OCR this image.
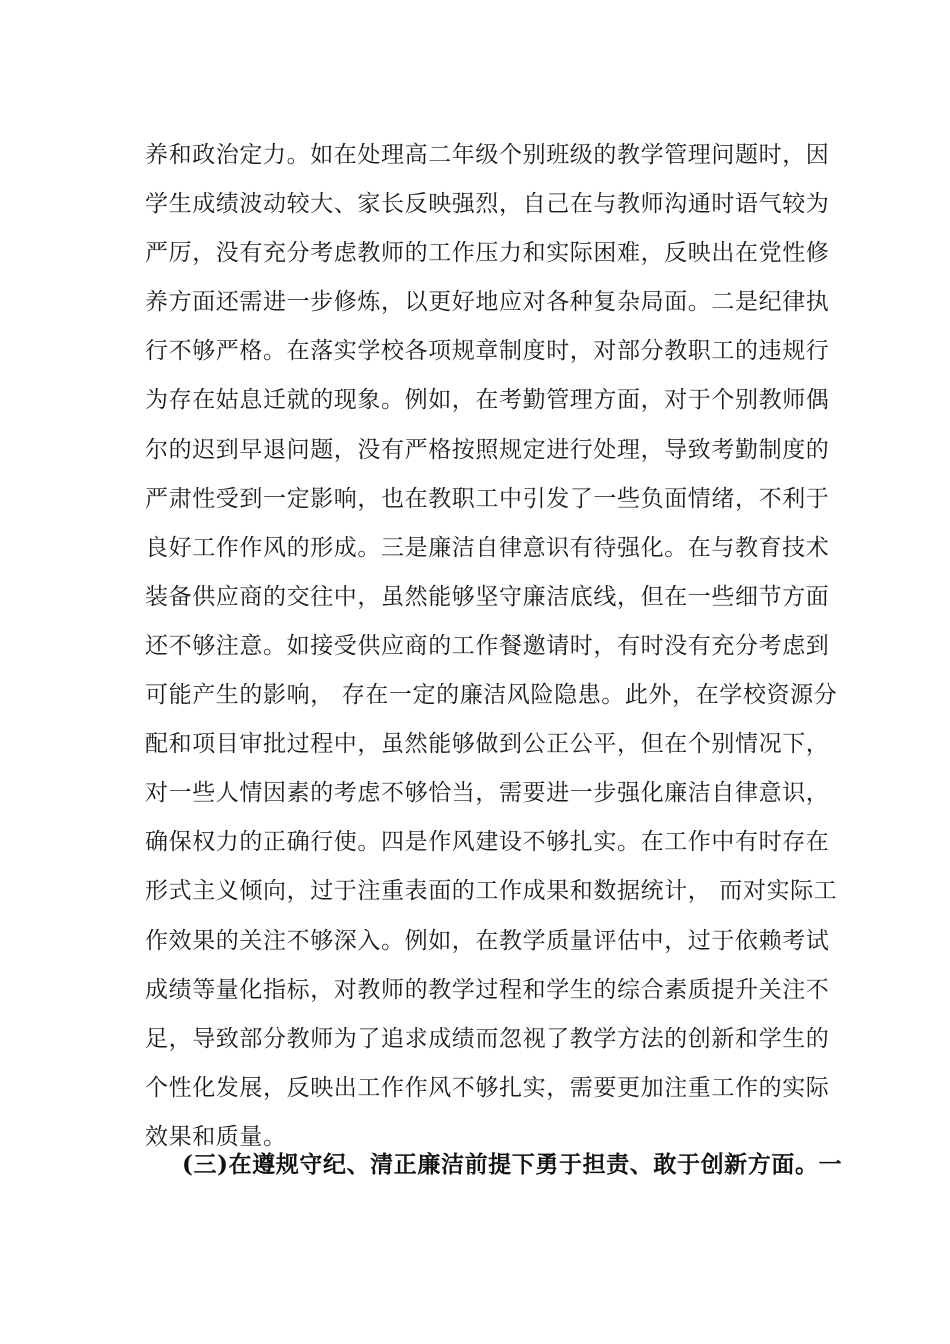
养和政治定力。如在处理高二年级个别班级的教学管理问题时，因
学生成绩波动较大、家长反映强烈，自己在与教师沟通时语气较为
严厉，没有充分考虑教师的工作压力和实际困难，反映出在党性修
养方面还需进一步修炼，以更好地应对各种复杂局面。二是纪律执
行不够严格。在落实学校各项规章制度时，对部分教职工的违规行
为存在姑息迁就的现象。例如，在考勤管理方面，对于个别教师偶
尔的迟到早退问题，没有严格按照规定进行处理，导致考勤制度的
严肃性受到一定影响，也在教职工中引发了一些负面情绪，不利于
良好工作作风的形成。三是廉洁自律意识有待强化。在与教育技术
装备供应商的交往中，虽然能够坚守廉洁底线，但在一些细节方面
还不够注意。如接受供应商的工作餐邀请时，有时没有充分考虑到
可能产生的影响， 存在一定的廉洁风险隐患。此外，在学校资源分
配和项目审批过程中，虽然能够做到公正公平，但在个别情况下，
对一些人情因素的考虑不够恰当，需要进一步强化廉洁自律意识，
确保权力的正确行使。四是作风建设不够扎实。在工作中有时存在
形式主义倾向，过于注重表面的工作成果和数据统计， 而对实际工
作效果的关注不够深入。例如，在教学质量评估中，过于依赖考试
成绩等量化指标，对教师的教学过程和学生的综合素质提升关注不
足，导致部分教师为了追求成绩而忽视了教学方法的创新和学生的
个性化发展，反映出工作作风不够扎实，需要更加注重工作的实际
效果和质量。
(三)在遵规守纪、清正廉洁前提下勇于担责、敢于创新方面。一
